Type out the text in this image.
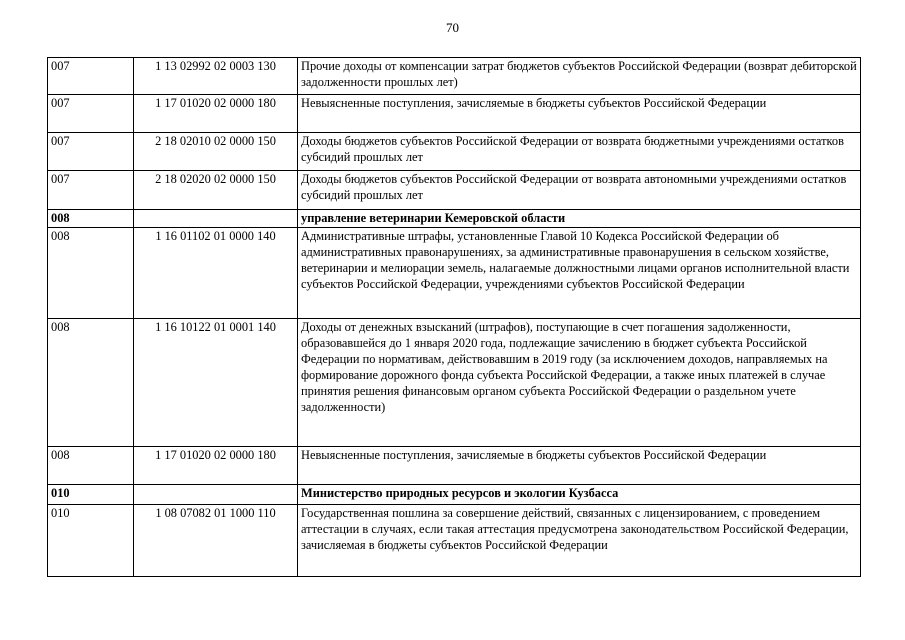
70
007	1 13 02992 02 0003 130	Прочие доходы от компенсации затрат бюджетов субъектов Российской Федерации (возврат дебиторской задолженности прошлых лет)
007	1 17 01020 02 0000 180	Невыясненные поступления, зачисляемые в бюджеты субъектов Российской Федерации
007	2 18 02010 02 0000 150	Доходы бюджетов субъектов Российской Федерации от возврата бюджетными учреждениями остатков субсидий прошлых лет
007	2 18 02020 02 0000 150	Доходы бюджетов субъектов Российской Федерации от возврата автономными учреждениями остатков субсидий прошлых лет
008		управление ветеринарии Кемеровской области
008	1 16 01102 01 0000 140	Административные штрафы, установленные Главой 10 Кодекса Российской Федерации об административных правонарушениях, за административные правонарушения в сельском хозяйстве, ветеринарии и мелиорации земель, налагаемые должностными лицами органов исполнительной власти субъектов Российской Федерации, учреждениями субъектов Российской Федерации
008	1 16 10122 01 0001 140	Доходы от денежных взысканий (штрафов), поступающие в счет погашения задолженности, образовавшейся до 1 января 2020 года, подлежащие зачислению в бюджет субъекта Российской Федерации по нормативам, действовавшим в 2019 году (за исключением доходов, направляемых на формирование дорожного фонда субъекта Российской Федерации, а также иных платежей в случае принятия решения финансовым органом субъекта Российской Федерации о раздельном учете задолженности)
008	1 17 01020 02 0000 180	Невыясненные поступления, зачисляемые в бюджеты субъектов Российской Федерации
010		Министерство природных ресурсов и экологии Кузбасса
010	1 08 07082 01 1000 110	Государственная пошлина за совершение действий, связанных с лицензированием, с проведением аттестации в случаях, если такая аттестация предусмотрена законодательством Российской Федерации, зачисляемая в бюджеты субъектов Российской Федерации
